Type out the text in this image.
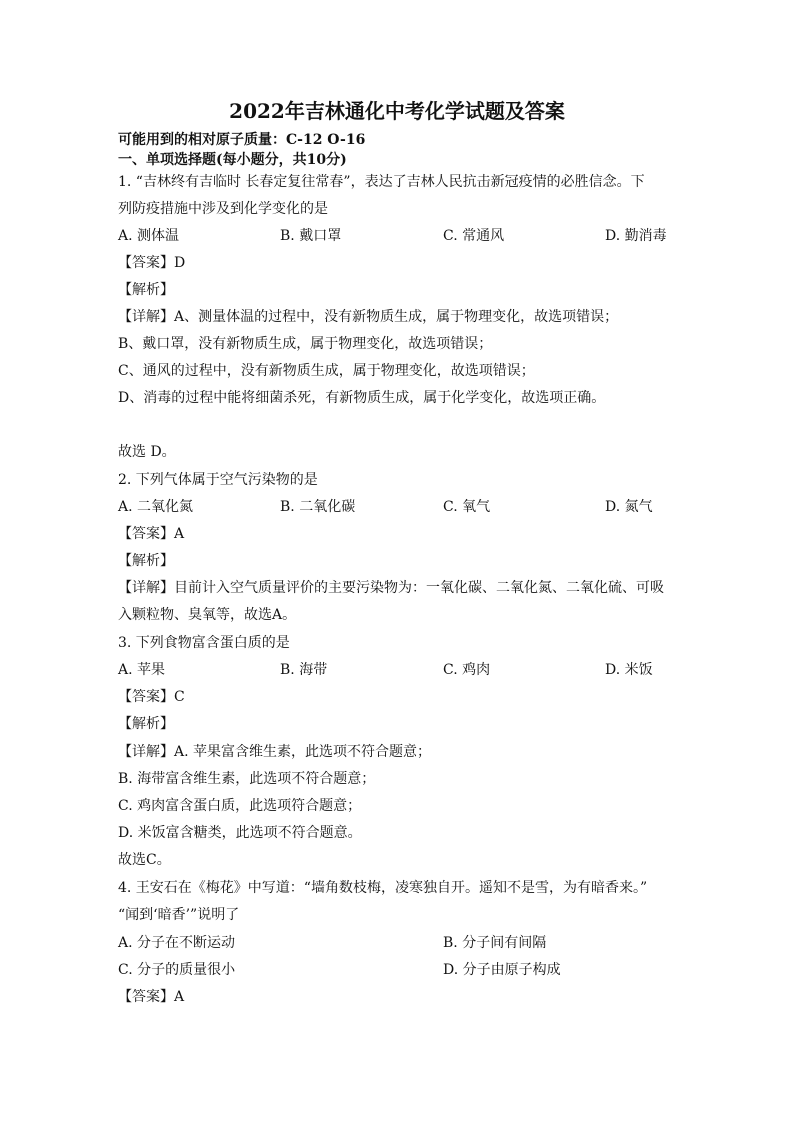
2022年吉林通化中考化学试题及答案
可能用到的相对原子质量：C-12 O-16
一、单项选择题(每小题分，共10分)
1. “吉林终有吉临时 长春定复往常春”，表达了吉林人民抗击新冠疫情的必胜信念。下
列防疫措施中涉及到化学变化的是
A. 测体温	B. 戴口罩	C. 常通风	D. 勤消毒
【答案】D
【解析】
【详解】A、测量体温的过程中，没有新物质生成，属于物理变化，故选项错误；
B、戴口罩，没有新物质生成，属于物理变化，故选项错误；
C、通风的过程中，没有新物质生成，属于物理变化，故选项错误；
D、消毒的过程中能将细菌杀死，有新物质生成，属于化学变化，故选项正确。
故选 D。
2. 下列气体属于空气污染物的是
A. 二氧化氮	B. 二氧化碳	C. 氧气	D. 氮气
【答案】A
【解析】
【详解】目前计入空气质量评价的主要污染物为：一氧化碳、二氧化氮、二氧化硫、可吸
入颗粒物、臭氧等，故选A。
3. 下列食物富含蛋白质的是
A. 苹果	B. 海带	C. 鸡肉	D. 米饭
【答案】C
【解析】
【详解】A. 苹果富含维生素，此选项不符合题意；
B. 海带富含维生素，此选项不符合题意；
C. 鸡肉富含蛋白质，此选项符合题意；
D. 米饭富含糖类，此选项不符合题意。
故选C。
4. 王安石在《梅花》中写道：“墙角数枝梅，凌寒独自开。遥知不是雪，为有暗香来。”
“闻到‘暗香’”说明了
A. 分子在不断运动	B. 分子间有间隔
C. 分子的质量很小	D. 分子由原子构成
【答案】A
